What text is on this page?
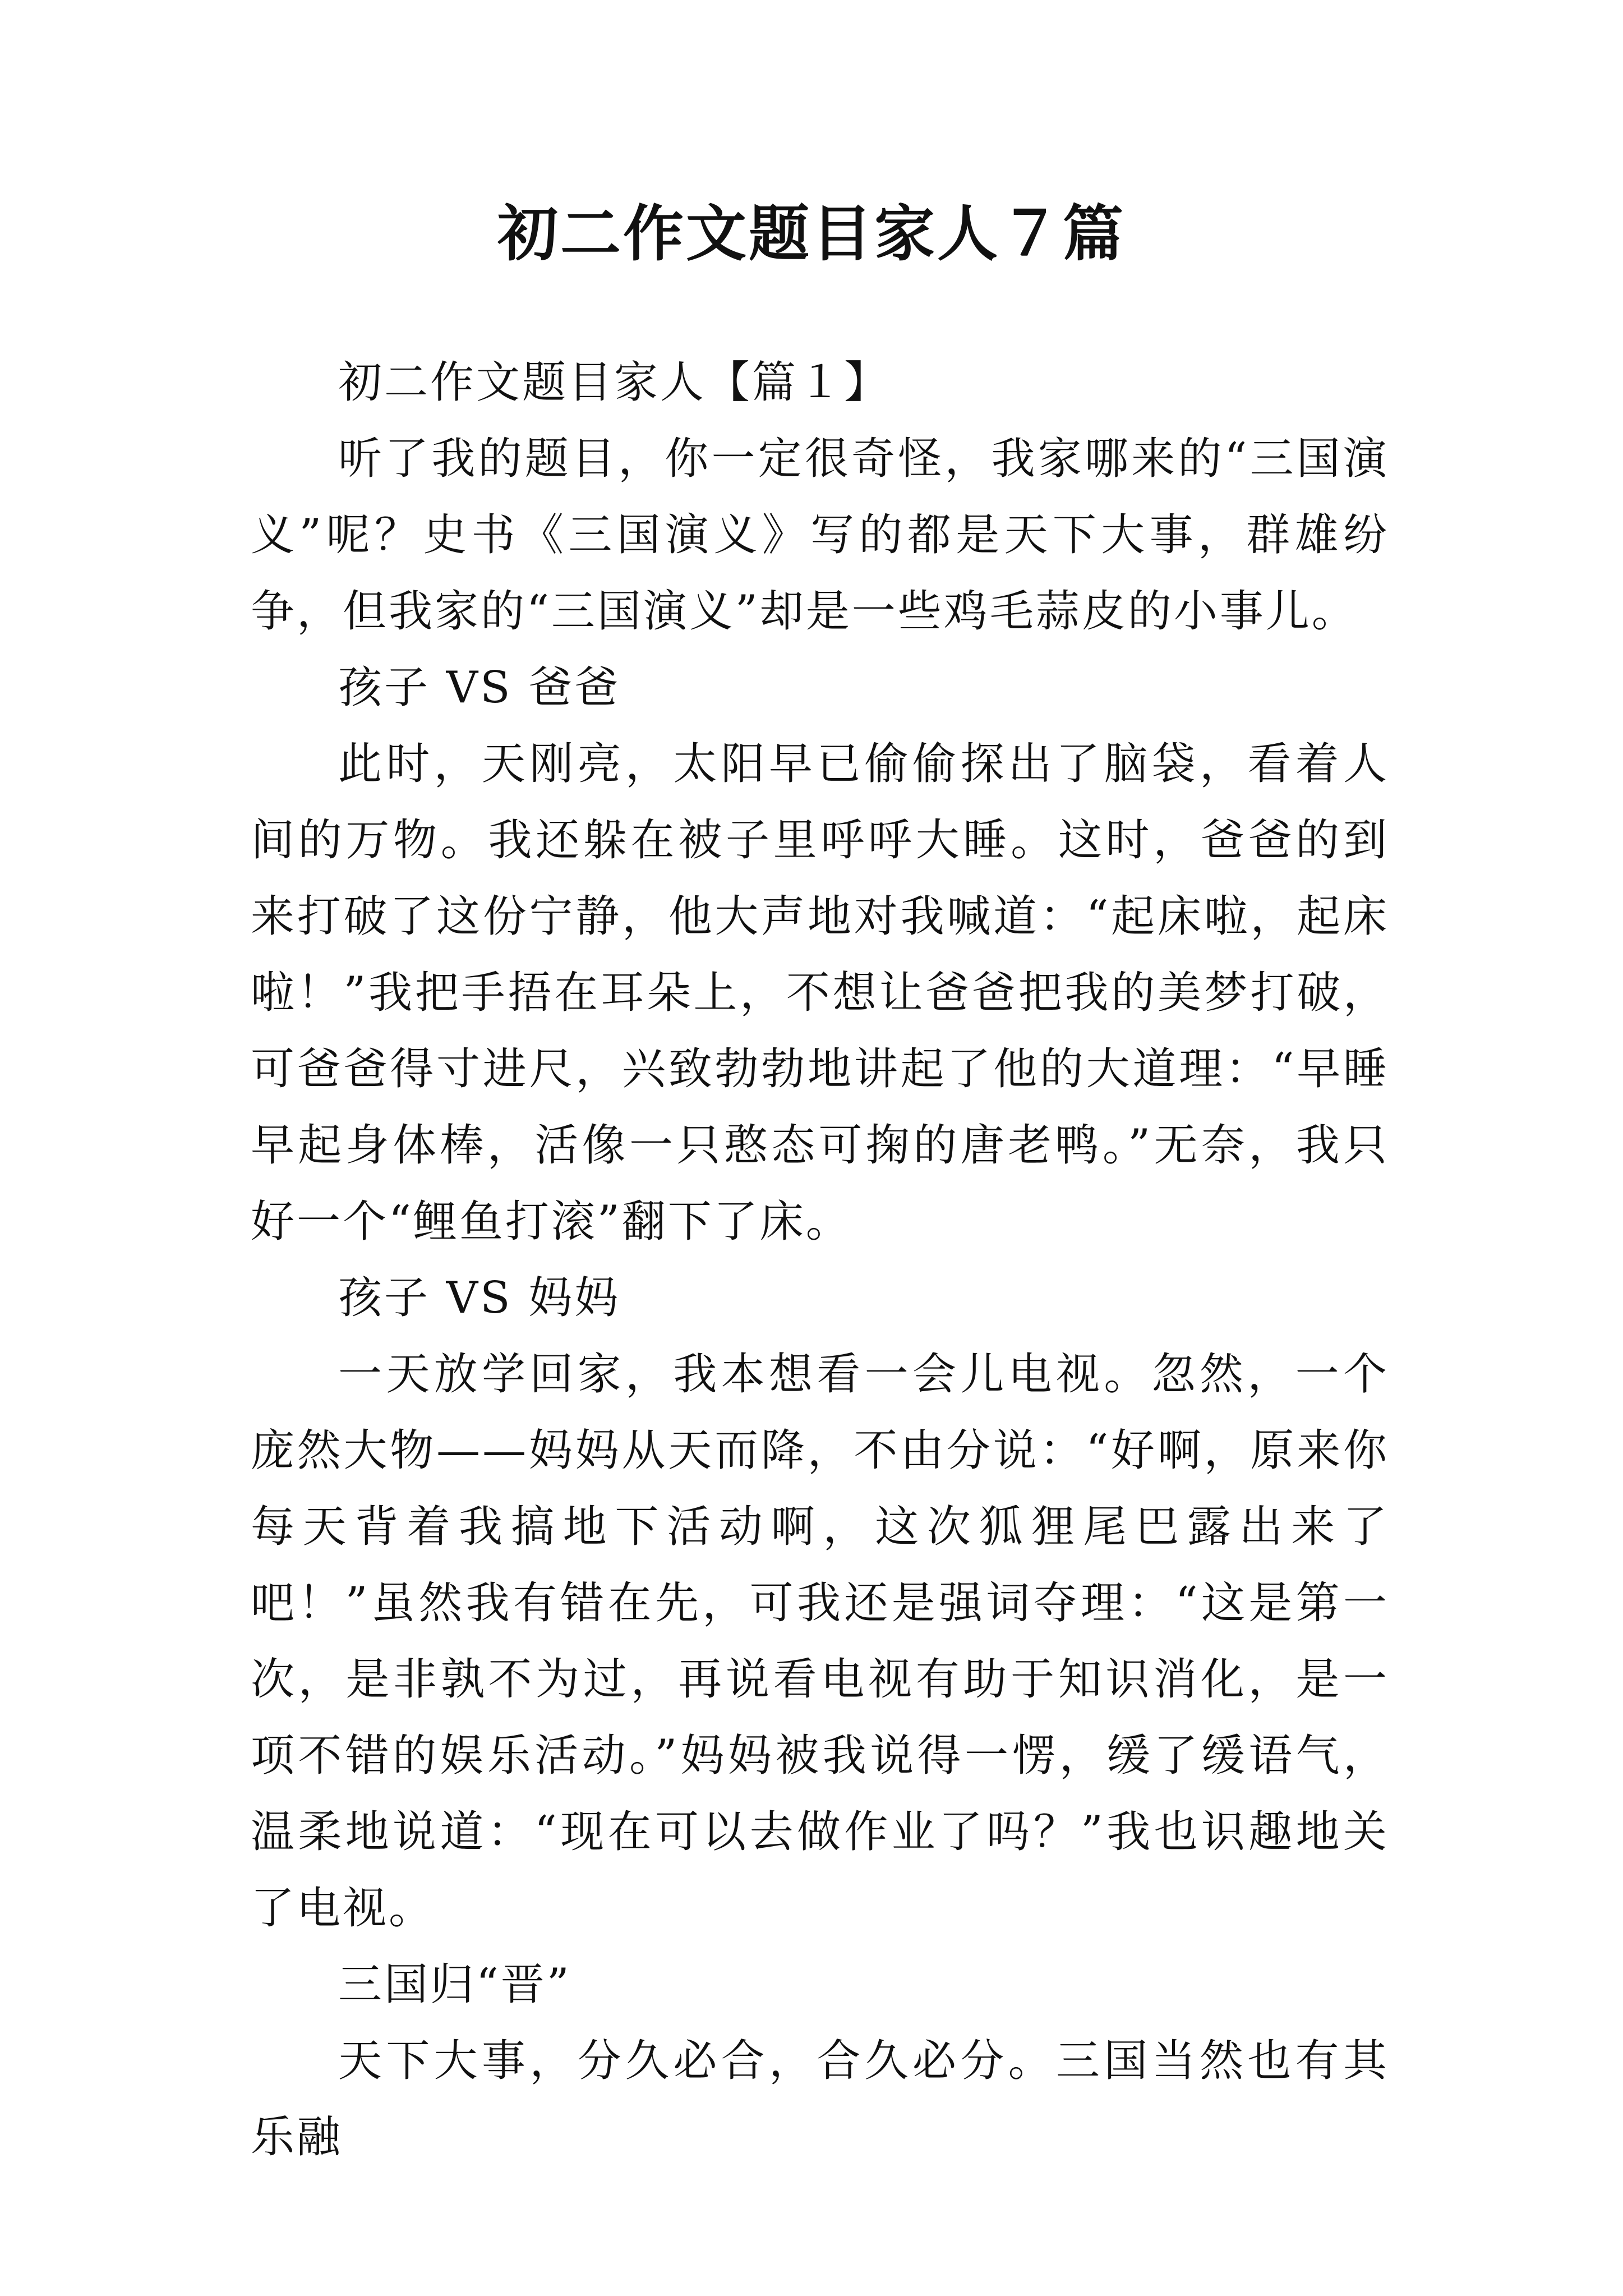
初二作文题目家人７篇

初二作文题目家人【篇１】

听了我的题目，你一定很奇怪，我家哪来的“三国演义”呢？史书《三国演义》写的都是天下大事，群雄纷争，但我家的“三国演义”却是一些鸡毛蒜皮的小事儿。

孩子 VS 爸爸

此时，天刚亮，太阳早已偷偷探出了脑袋，看着人间的万物。我还躲在被子里呼呼大睡。这时，爸爸的到来打破了这份宁静，他大声地对我喊道：“起床啦，起床啦！”我把手捂在耳朵上，不想让爸爸把我的美梦打破，可爸爸得寸进尺，兴致勃勃地讲起了他的大道理：“早睡早起身体棒，活像一只憨态可掬的唐老鸭。”无奈，我只好一个“鲤鱼打滚”翻下了床。

孩子 VS 妈妈

一天放学回家，我本想看一会儿电视。忽然，一个庞然大物——妈妈从天而降，不由分说：“好啊，原来你每天背着我搞地下活动啊，这次狐狸尾巴露出来了吧！”虽然我有错在先，可我还是强词夺理：“这是第一次，是非孰不为过，再说看电视有助于知识消化，是一项不错的娱乐活动。”妈妈被我说得一愣，缓了缓语气，温柔地说道：“现在可以去做作业了吗？”我也识趣地关了电视。

三国归“晋”

天下大事，分久必合，合久必分。三国当然也有其乐融
